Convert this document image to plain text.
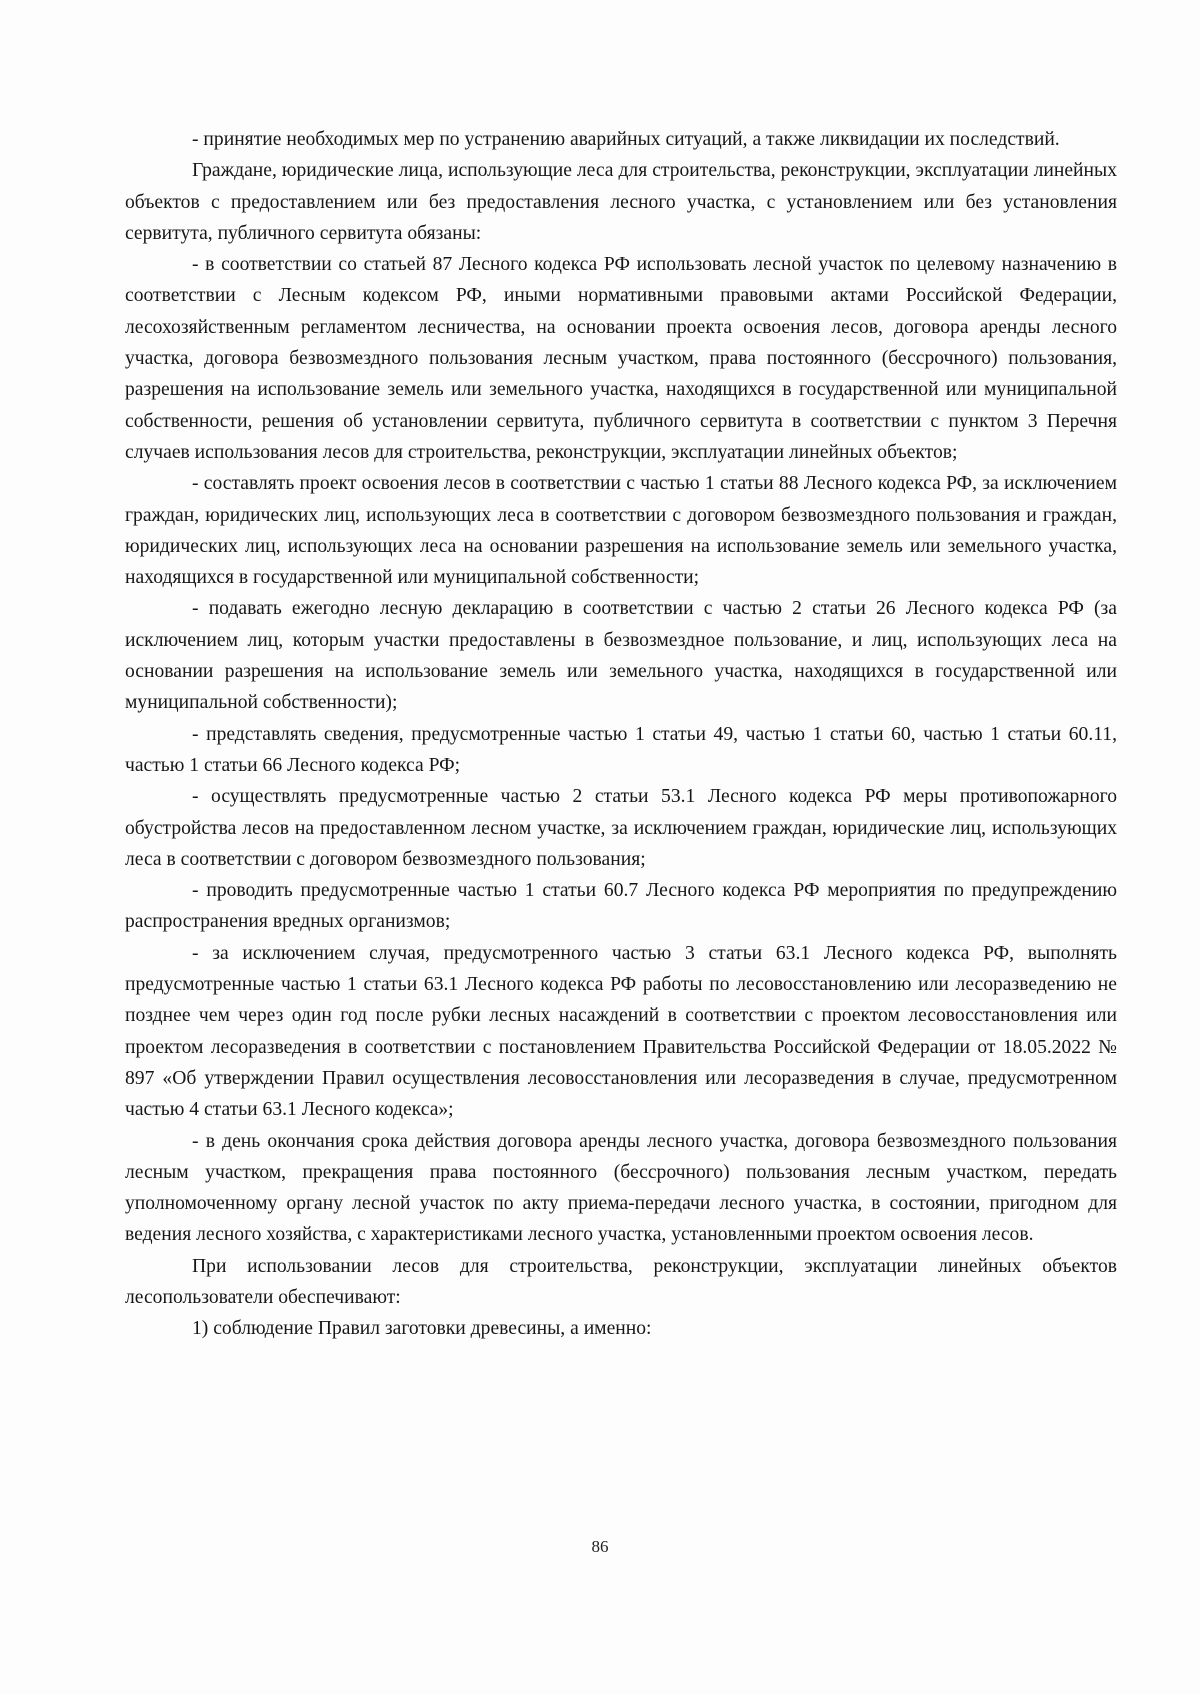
- принятие необходимых мер по устранению аварийных ситуаций, а также ликвидации их последствий.

Граждане, юридические лица, использующие леса для строительства, реконструкции, эксплуатации линейных объектов с предоставлением или без предоставления лесного участка, с установлением или без установления сервитута, публичного сервитута обязаны:

- в соответствии со статьей 87 Лесного кодекса РФ использовать лесной участок по целевому назначению в соответствии с Лесным кодексом РФ, иными нормативными правовыми актами Российской Федерации, лесохозяйственным регламентом лесничества, на основании проекта освоения лесов, договора аренды лесного участка, договора безвозмездного пользования лесным участком, права постоянного (бессрочного) пользования, разрешения на использование земель или земельного участка, находящихся в государственной или муниципальной собственности, решения об установлении сервитута, публичного сервитута в соответствии с пунктом 3 Перечня случаев использования лесов для строительства, реконструкции, эксплуатации линейных объектов;

- составлять проект освоения лесов в соответствии с частью 1 статьи 88 Лесного кодекса РФ, за исключением граждан, юридических лиц, использующих леса в соответствии с договором безвозмездного пользования и граждан, юридических лиц, использующих леса на основании разрешения на использование земель или земельного участка, находящихся в государственной или муниципальной собственности;

- подавать ежегодно лесную декларацию в соответствии с частью 2 статьи 26 Лесного кодекса РФ (за исключением лиц, которым участки предоставлены в безвозмездное пользование, и лиц, использующих леса на основании разрешения на использование земель или земельного участка, находящихся в государственной или муниципальной собственности);

- представлять сведения, предусмотренные частью 1 статьи 49, частью 1 статьи 60, частью 1 статьи 60.11, частью 1 статьи 66 Лесного кодекса РФ;

- осуществлять предусмотренные частью 2 статьи 53.1 Лесного кодекса РФ меры противопожарного обустройства лесов на предоставленном лесном участке, за исключением граждан, юридические лиц, использующих леса в соответствии с договором безвозмездного пользования;

- проводить предусмотренные частью 1 статьи 60.7 Лесного кодекса РФ мероприятия по предупреждению распространения вредных организмов;

- за исключением случая, предусмотренного частью 3 статьи 63.1 Лесного кодекса РФ, выполнять предусмотренные частью 1 статьи 63.1 Лесного кодекса РФ работы по лесовосстановлению или лесоразведению не позднее чем через один год после рубки лесных насаждений в соответствии с проектом лесовосстановления или проектом лесоразведения в соответствии с постановлением Правительства Российской Федерации от 18.05.2022 № 897 «Об утверждении Правил осуществления лесовосстановления или лесоразведения в случае, предусмотренном частью 4 статьи 63.1 Лесного кодекса»;

- в день окончания срока действия договора аренды лесного участка, договора безвозмездного пользования лесным участком, прекращения права постоянного (бессрочного) пользования лесным участком, передать уполномоченному органу лесной участок по акту приема-передачи лесного участка, в состоянии, пригодном для ведения лесного хозяйства, с характеристиками лесного участка, установленными проектом освоения лесов.

При использовании лесов для строительства, реконструкции, эксплуатации линейных объектов лесопользователи обеспечивают:

1) соблюдение Правил заготовки древесины, а именно:

86
